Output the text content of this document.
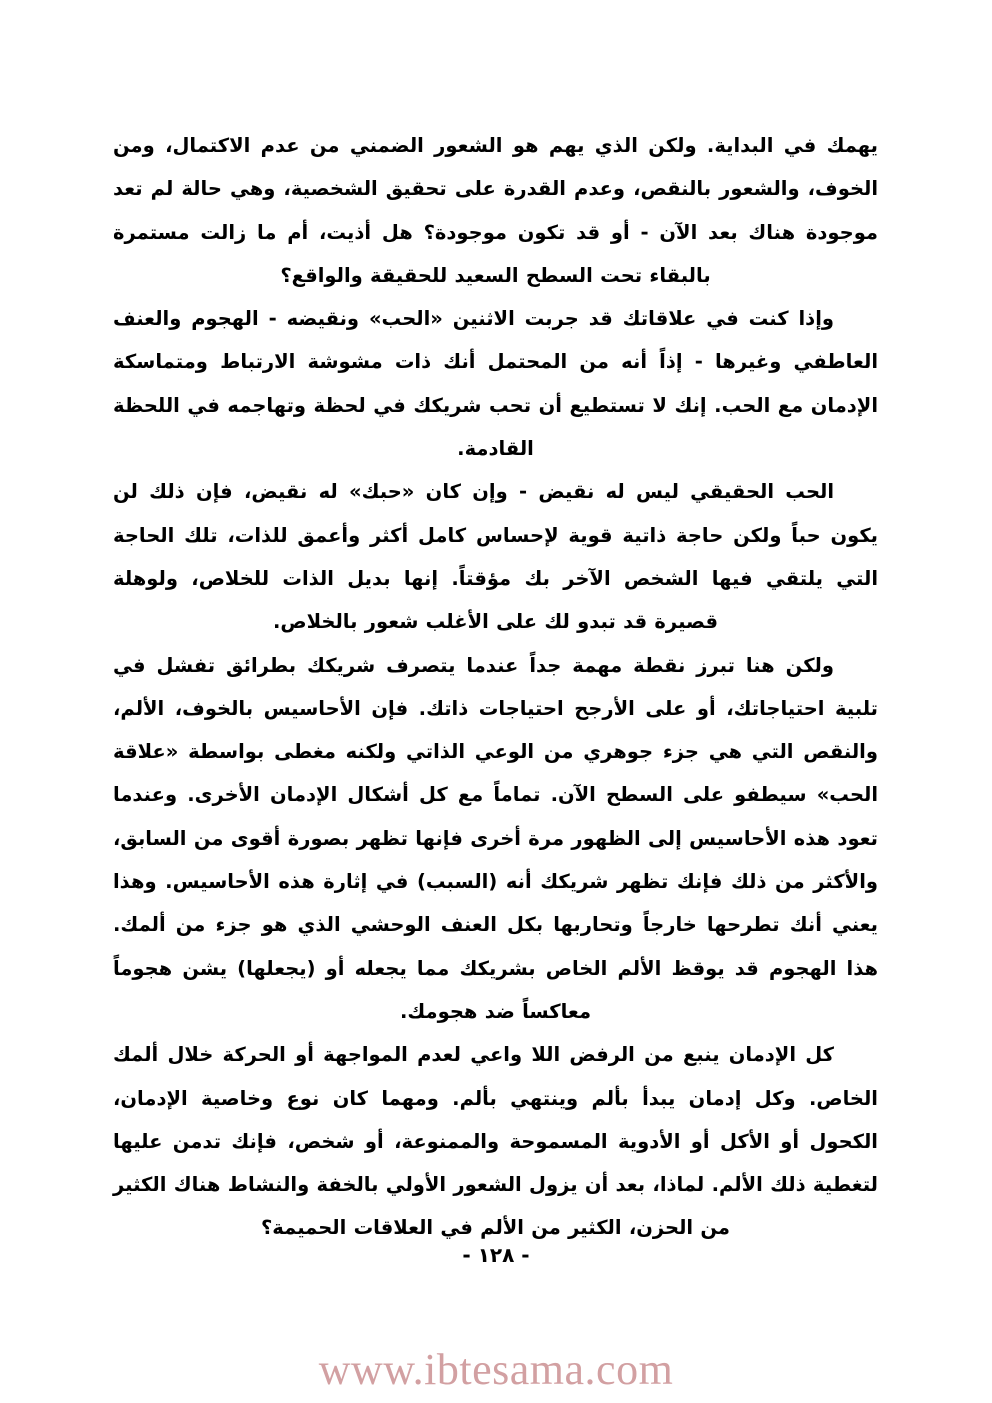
يهمك في البداية. ولكن الذي يهم هو الشعور الضمني من عدم الاكتمال، ومن الخوف، والشعور بالنقص، وعدم القدرة على تحقيق الشخصية، وهي حالة لم تعد موجودة هناك بعد الآن - أو قد تكون موجودة؟ هل أذيت، أم ما زالت مستمرة بالبقاء تحت السطح السعيد للحقيقة والواقع؟

وإذا كنت في علاقاتك قد جربت الاثنين «الحب» ونقيضه - الهجوم والعنف العاطفي وغيرها - إذاً أنه من المحتمل أنك ذات مشوشة الارتباط ومتماسكة الإدمان مع الحب. إنك لا تستطيع أن تحب شريكك في لحظة وتهاجمه في اللحظة القادمة.

الحب الحقيقي ليس له نقيض - وإن كان «حبك» له نقيض، فإن ذلك لن يكون حباً ولكن حاجة ذاتية قوية لإحساس كامل أكثر وأعمق للذات، تلك الحاجة التي يلتقي فيها الشخص الآخر بك مؤقتاً. إنها بديل الذات للخلاص، ولوهلة قصيرة قد تبدو لك على الأغلب شعور بالخلاص.

ولكن هنا تبرز نقطة مهمة جداً عندما يتصرف شريكك بطرائق تفشل في تلبية احتياجاتك، أو على الأرجح احتياجات ذاتك. فإن الأحاسيس بالخوف، الألم، والنقص التي هي جزء جوهري من الوعي الذاتي ولكنه مغطى بواسطة «علاقة الحب» سيطفو على السطح الآن. تماماً مع كل أشكال الإدمان الأخرى. وعندما تعود هذه الأحاسيس إلى الظهور مرة أخرى فإنها تظهر بصورة أقوى من السابق، والأكثر من ذلك فإنك تظهر شريكك أنه (السبب) في إثارة هذه الأحاسيس. وهذا يعني أنك تطرحها خارجاً وتحاربها بكل العنف الوحشي الذي هو جزء من ألمك. هذا الهجوم قد يوقظ الألم الخاص بشريكك مما يجعله أو (يجعلها) يشن هجوماً معاكساً ضد هجومك.

كل الإدمان ينبع من الرفض اللا واعي لعدم المواجهة أو الحركة خلال ألمك الخاص. وكل إدمان يبدأ بألم وينتهي بألم. ومهما كان نوع وخاصية الإدمان، الكحول أو الأكل أو الأدوية المسموحة والممنوعة، أو شخص، فإنك تدمن عليها لتغطية ذلك الألم. لماذا، بعد أن يزول الشعور الأولي بالخفة والنشاط هناك الكثير من الحزن، الكثير من الألم في العلاقات الحميمة؟

- ١٢٨ -
www.ibtesama.com
